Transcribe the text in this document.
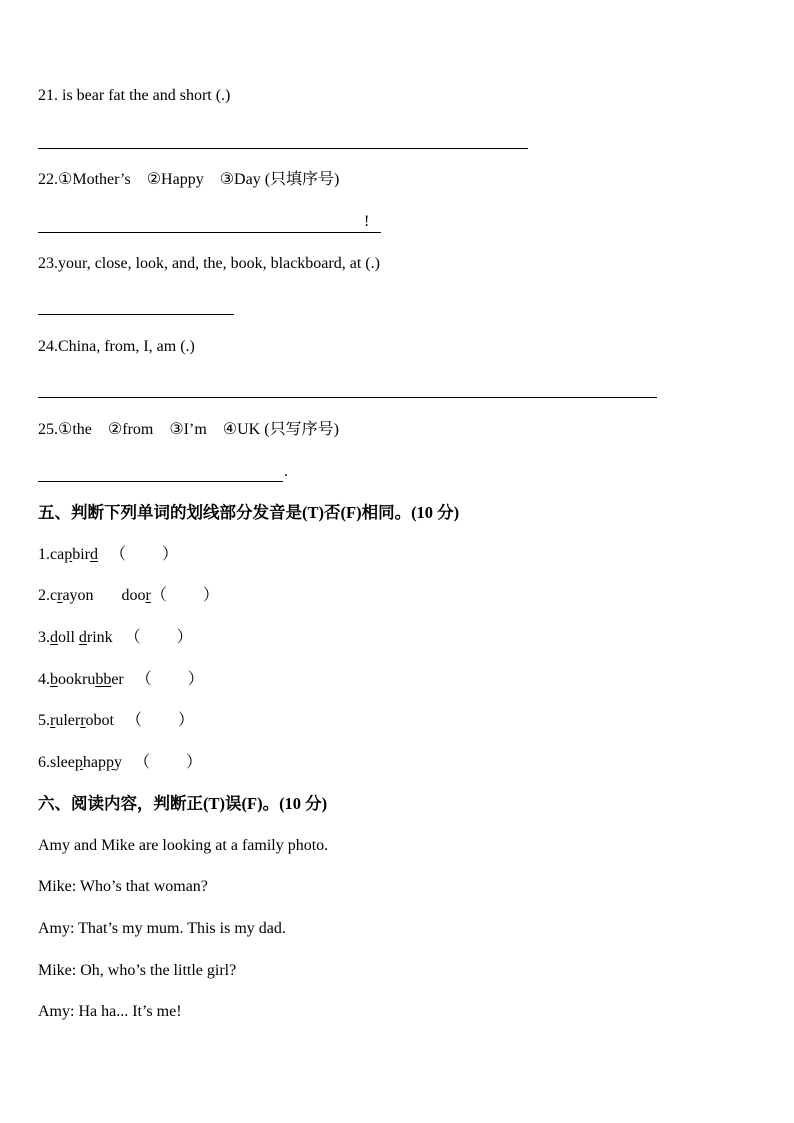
21. is bear fat the and short (.)
22.①Mother’s    ②Happy    ③Day (只填序号)
!
23.your, close, look, and, the, book, blackboard, at (.)
24.China, from, I, am (.)
25.①the    ②from    ③I’m    ④UK (只写序号)
.
五、判断下列单词的划线部分发音是(T)否(F)相同。(10 分)
1.capbird （         ）
2.crayon       door（         ）
3.doll drink （         ）
4.bookrubber （         ）
5.rulerrobot （         ）
6.sleephappy （         ）
六、阅读内容，判断正(T)误(F)。(10 分)
Amy and Mike are looking at a family photo.
Mike: Who’s that woman?
Amy: That’s my mum. This is my dad.
Mike: Oh, who’s the little girl?
Amy: Ha ha... It’s me!
